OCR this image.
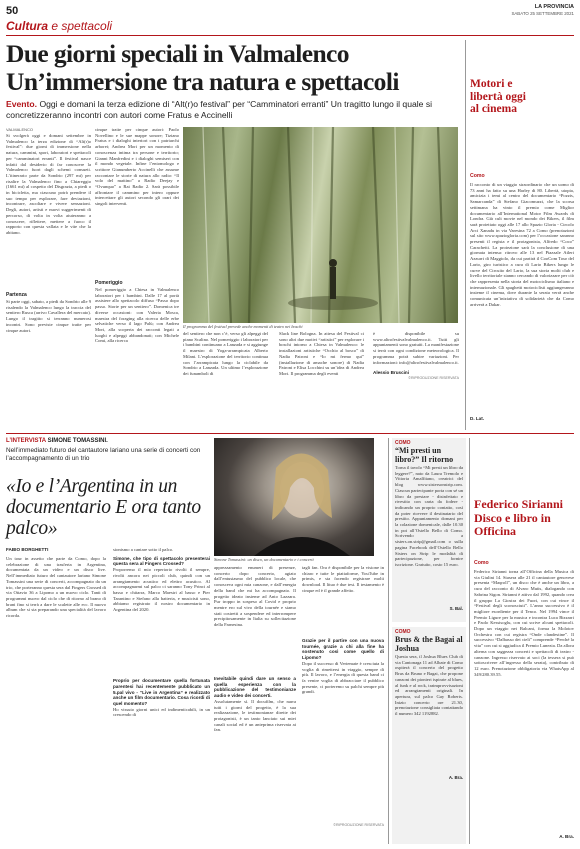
50	LA PROVINCIA
SABATO 25 SETTEMBRE 2021
Cultura e spettacoli
Due giorni speciali in Valmalenco
Un’immersione tra natura e spettacoli
Evento. Oggi e domani la terza edizione di “Alt(r)o festival” per “Camminatori erranti” Un tragitto lungo il quale si concretizzeranno incontri con autori come Fratus e Accinelli
VALMALENCO
Si svolgerà oggi e domani settembre in Valmalenco la terza edizione di “Alt(r)o festival”: due giorni di immersione nella natura, cammini, sport, laboratori e spettacoli per “camminatori erranti”. Il festival nasce infatti dal desiderio di far conoscere la Valmalenco fuori dagli schemi consueti. L’itinerario parte da Sondrio (297 mt) per risalire la Valmalenco fino a Chiareggio (1661 mt) al cospetto del Disgrazia, a piedi o in bicicletta, ma ciascuno potrà prendere il suo tempo per esplorare, fare deviazioni, incontrare, ascoltare e vivere sensazioni. Degli, autori, artisti e nuovi suggerimenti di percorso, di volta in volta aiuteranno a conoscere, riflettere, mettere a fuoco il rapporto con questa vallata e le vite che la abitano.
Partenza
Si parte oggi, sabato, a piedi da Sondrio alle 9 risalendo la Valmalenco lungo la traccia del sentiero Rusca (arrivo Cavallera del mercato). Lungo il tragitto si terranno numerosi incontri. Sono previste cinque tratte per cinque autori.
cinque tratte per cinque autori: Paolo Novellino e le sue mappe sonore; Tiziano Fratus e i dialoghi interiori con i patriarchi arborei; Andrea Mori per un momento di conoscenza intima tra persone e territorio; Gianni Manfredini e i dialoghi semiseri con il mondo vegetale. Infine l’entomologo e scrittore Gianumberto Accinelli che assume raccontare le storie di natura allo radio: “Il volo del mattino” a Radio Deejay e “Ovunquo” a Rai Radio 2. Sarà possibile affrontare il cammino per intero oppure intercettare gli autori secondo gli orari dei singoli interventi.
Pomeriggio
Nel pomeriggio a Chiesa in Valmalenco laboratori per i bambini. Dalle 17 al portà assistere allo spettacolo diffuso “Passo dopo passo. Storie per un sentiero”. Domenica tre diverse occasioni: con Valeria Mosca, maestra del foraging alla ricerca delle erbe selvatiche verso il lago Palù; con Andrea Mori, alla scoperta dei racconti legati a luoghi e alpeggi abbandonati; con Michele Comi, alla ricerca
Il programma del festival prevede anche momenti di teatro nei boschi
del sentiero che non c’è, verso gli alpeggi del piano Scalino. Nel pomeriggio i laboratori per i bambini continuano a Lanzada e si aggiunge il maestro di Yoga-arrampicata Alberto Milani. L’esplorazione del territorio continua con l’arrampicata lungo la ciclabile da Sondrio a Lanzada. Un ultimo l’esplorazione dei funamboli di
Slack line Bologna. In attesa del Festival ci sono altri due motivi “artistici” per esplorare i boschi intorno a Chiesa in Valmalenco: le installazioni artistiche “Occhio al bosco” di Nadia Patroni e “Io mi fermo qui” (installazione di amache sonore) di Nadia Patroni e Elisa Locchini su un’idea di Andrea Mori. Il programma degli eventi
è disponibile su www.altrofestivalvalmalenco.it. Tutti gli appuntamenti sono gratuiti. La manifestazione si terrà con ogni condizione meteorologica. Il programma potrà subire variazioni. Per informazioni: info@altrofestivalvalmalenco.it.
Alessio Bruscini
©RIPRODUZIONE RISERVATA
Motori e libertà oggi al cinema
Como
Il racconto di un viaggio straordinario che un uomo di 73 anni ha fatto su una Harley di 80. Libertà, utopia, amicizia i temi al centro del documentario “Pozzis, Samarcanda” di Stefano Giacomuzzi, che la scorsa settimana ha vinto il premio come Miglior documentario all’International Motor Film Awards di Londra. Già cult movie nel mondo dei Bikers, il film sarà proiettato oggi alle 17 allo Spazio Gloria - Circolo Arci Xanadu in via Varesina 72 a Como (prenotazioni sul sito www.spaziogloria.com) per l’occasione saranno presenti il regista e il protagonista, Alfredo “Coco” Carachetti. La proiezione sarà la conclusione di una giornata intensa: ritrovo alle 13 nel Piazzale Atleri Azzurri di Maggiolo, da cui partirà il CooCom Tour del Lario, giro turistico a cura di Lario Bikers lungo le curve del Circuito del Lario, la sua storia molti club e livello territoriale stanno cercando di valorizzare per ciò che rappresenta nella storia del motociclismo italiano e internazionale. Gli spaghetti motociclisti aggiungeranno insieme il cinema, dove durante la serata verrà anche comunicata un’iniziativa di solidarietà che da Como arriverà a Dakar.
D. Lat.
L’INTERVISTA SIMONE TOMASSINI.
Nell’immediato futuro del cantautore lariano una serie di concerti con l’accompagnamento di un trio
«Io e l’Argentina in un documentario E ora tanto palco»
FABIO BORGHETTI
Un tour in assetto che parte da Como, dopo la celebrazione di una trasferta in Argentina, documentata da un video e un disco live. Nell’immediato futuro del cantautore lariano Simone Tomassini una serie di concerti, accompagnato da un trio, che porteranno questa sera dal Fingers Crossed di via Ottavio 36 a Lipomo a un nuovo ciclo. Tanti di programmi nuovo dal ciclo che di ritorno al brano di brani fino si terrà a dare le scalette alle ecc. Il nuovo album che si sta preparando una specialità del lavoro ricorda.
sionismo a cantare sotto il palco.
Simone, che tipo di spettacolo presenterai questa sera al Fingers Crossed?
Proporremo il mio repertorio rivolti il sempre, rivolti ancora nei piccoli club, quindi con un arrangiamento acustico ed elettro acustico. Al accompagnarmi sul palco ci saranno Tony Princi al basso e chitarra, Marco Maestri al basso e Pier Tarantino e Stefano alla batteria, e musicisti sono, abbiamo registrato il nostro documentario in Argentina del 2020.
Proprio per documentare quella fortunata parentesi hai recentemente pubblicato un 5.pal vivo - “Live in Argentina” e realizzato anche un film documentario. Cosa ricordi di quel momento?
Ho vissuto giorni unici ed indimenticabili, in un crescendo di
Simone Tomassini: un disco, un documentario e i concerti
apprezzamento enumeri di presenze, concerto dopo concerto, agiato dall’entusiasmo del pubblico locale, che conosceva ogni mia canzone, e dall’energia della band che mi ha accompagnato. Il progetto ideato insieme ad Anto Lazzara. Pur troppo in sospeso al Covid e proprio mentre ero sul vivo della tournée e siamo stati costretti a sospendere ed interrompere precipitosamente in Italia su sollecitazione della Farnesina.
Inevitabile quindi dare un senso a quella esperienza con la pubblicazione del testimonianze audio e video dei concerti.
Assolutamente sì. Il docufilm, che narra tutti i giorni del progetto, è la sua realizzazione, le testimonianze dirette dei protagonisti, è un tanto lanciato sui miei canali social ed è un anteprima riservata ai fan.
tagli fan. Ora è disponibile per la visione in chiaro e tutte le piattaforme, YouTube in primis, e sta facendo registrare molti download. Il lituo è due tesi. Il testamento è cinque ed è il grande affetto.
Grazie per il partire con una nuova tournée, grazie a chi alla fine ha sostenuto così come quello di Lipomo?
Dopo il successo di Vertemate è cresciuta la voglia di rimettersi in viaggio, sempre di più. Il lavoro, e l’energia di questa band ci fa venire voglia di abbracciare il pubblico presente, ci porteremo su palchi sempre più grandi.
©RIPRODUZIONE RISERVATA
COMO
“Mi presti un libro?” Il ritorno
Torna il tavolo “Mi presti un libro da leggere?”, nato da Laura Tremolo e Vittoria Amalfitano, creatrici del blog www.sistersonstrip.com. Ciascun partecipante porta con sé un libro da prestare - disinfettato e rivestito con carta da fodere - indicando un proprio contatto, così da poter ricevere il destinatario del prestito. Appuntamento domani per la colazione domenicale, dalle 10.30 in poi all’Ostello Bello di Como. Scrivendo a sisters.on.strip@gmail.com o sulla pagina Facebook dell’Ostello Bello Sisters on Strip le modalità di partecipazione, per fornire iscrizione. Gratuito, costo 15 euro.
S. Bal.
COMO
Brus & the Bagai al Joshua
Questa sera, il Joshua Blues Club di via Cantonaga 11 ad Albate di Como ospiterà il concerto del progetto Brus da Bruno e Bagai, che propone canzoni dei pionieri ispirate al blues, al funk e al rock, traimprovvisazioni ed arrangiamenti originali. In apertura, sul palco Gay Roberts. Inizio concerto ore 21.30, prenotazione consigliata contattando il numero 342 1192882.
A. Bra.
Federico Sirianni Disco e libro in Officina
Como
Federico Sirianni torna all’Officina della Musica di via Giulini 14. Stasera alle 21 il cantautore genovese presenta “Maqroll”, un disco che è anche un libro, a cura del racconto di Alvaro Mutis, dialogando con Sabrina Sigon. Sirianni è attivo dal 1992, quando crea il gruppo La Giostra dei Fuori, con cui vince il “Festival degli sconosciuti”. L’anno successivo è il migliore esordiente per il Tenco. Nel 1994 vince il Premio Ligure per la musica e incontra Luca Bizzarri e Paolo Kessisoglu, con cui scrive alcuni spettacoli. Dopo un viaggio nei Balcani, forma la Molotov Orchestra con cui registra “Onde clandestine”. Il successivo “Dalbasso dei cieli” comprende “Perché la vita” con cui si aggiudica il Premio Lunezia. Da allora alterna con saggezza concerti e spettacoli di teatro - canzone. Ingresso riservato ai soci (la tessera si può sottoscrivere all’ingresso della serata), contributo di 12 euro. Prenotazione obbligatoria via WhatsApp al 349/280.39.55.
A. Bra.
